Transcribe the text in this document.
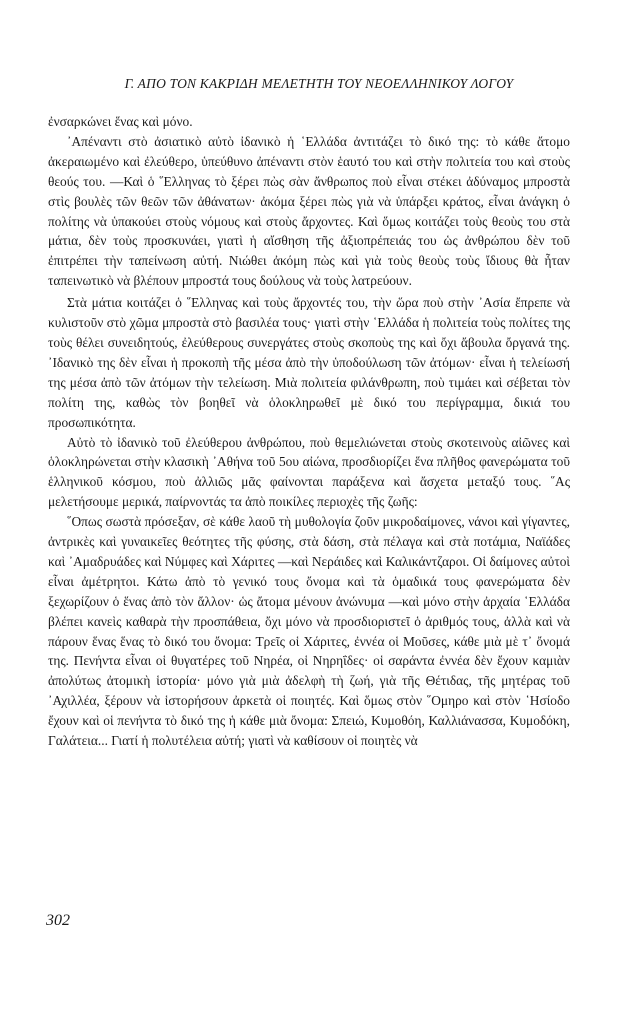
Γ. ΑΠΟ ΤΟΝ ΚΑΚΡΙΔΗ ΜΕΛΕΤΗΤΗ ΤΟΥ ΝΕΟΕΛΛΗΝΙΚΟΥ ΛΟΓΟΥ

ἐνσαρκώνει ἕνας καὶ μόνο.

᾿Απέναντι στὸ ἀσιατικὸ αὐτὸ ἰδανικὸ ἡ ῾Ελλάδα ἀντιτάζει τὸ δικό της: τὸ κάθε ἄτομο ἀκεραιωμένο καὶ ἐλεύθερο, ὑπεύθυνο ἀπέναντι στὸν ἑαυτό του καὶ στὴν πολιτεία του καὶ στοὺς θεούς του. —Καὶ ὁ ῞Ελληνας τὸ ξέρει πὼς σὰν ἄνθρωπος ποὺ εἶναι στέκει ἀδύναμος μπροστὰ στὶς βουλὲς τῶν θεῶν τῶν ἀθάνατων· ἀκόμα ξέρει πὼς γιὰ νὰ ὑπάρξει κράτος, εἶναι ἀνάγκη ὁ πολίτης νὰ ὑπακούει στοὺς νόμους καὶ στοὺς ἄρχοντες. Καὶ ὅμως κοιτάζει τοὺς θεοὺς του στὰ μάτια, δὲν τοὺς προσκυνάει, γιατὶ ἡ αἴσθηση τῆς ἀξιοπρέπειάς του ὡς ἀνθρώπου δὲν τοῦ ἐπιτρέπει τὴν ταπείνωση αὐτή. Νιώθει ἀκόμη πὼς καὶ γιὰ τοὺς θεοὺς τοὺς ἴδιους θὰ ἦταν ταπεινωτικὸ νὰ βλέπουν μπροστά τους δούλους νὰ τοὺς λατρεύουν.

Στὰ μάτια κοιτάζει ὁ ῞Ελληνας καὶ τοὺς ἄρχοντές του, τὴν ὥρα ποὺ στὴν ᾿Ασία ἔπρεπε νὰ κυλιστοῦν στὸ χῶμα μπροστὰ στὸ βασιλέα τους· γιατὶ στὴν ῾Ελλάδα ἡ πολιτεία τοὺς πολίτες της τοὺς θέλει συνειδητούς, ἐλεύθερους συνεργάτες στοὺς σκοποὺς της καὶ ὄχι ἄβουλα ὄργανά της. ᾿Ιδανικὸ της δὲν εἶναι ἡ προκοπὴ τῆς μέσα ἀπὸ τὴν ὑποδούλωση τῶν ἀτόμων· εἶναι ἡ τελείωσή της μέσα ἀπὸ τῶν ἀτόμων τὴν τελείωση. Μιὰ πολιτεία φιλάνθρωπη, ποὺ τιμάει καὶ σέβεται τὸν πολίτη της, καθὼς τὸν βοηθεῖ νὰ ὁλοκληρωθεῖ μὲ δικό του περίγραμμα, δικιά του προσωπικότητα.

Αὐτὸ τὸ ἰδανικὸ τοῦ ἐλεύθερου ἀνθρώπου, ποὺ θεμελιώνεται στοὺς σκοτεινοὺς αἰῶνες καὶ ὁλοκληρώνεται στὴν κλασικὴ ᾿Αθήνα τοῦ 5ου αἰώνα, προσδιορίζει ἕνα πλῆθος φανερώματα τοῦ ἑλληνικοῦ κόσμου, ποὺ ἀλλιῶς μᾶς φαίνονται παράξενα καὶ ἄσχετα μεταξύ τους. ῞Ας μελετήσουμε μερικά, παίρνοντάς τα ἀπὸ ποικίλες περιοχὲς τῆς ζωῆς:

῞Οπως σωστὰ πρόσεξαν, σὲ κάθε λαοῦ τὴ μυθολογία ζοῦν μικροδαίμονες, νάνοι καὶ γίγαντες, ἀντρικὲς καὶ γυναικεῖες θεότητες τῆς φύσης, στὰ δάση, στὰ πέλαγα καὶ στὰ ποτάμια, Ναϊάδες καὶ ᾿Αμαδρυάδες καὶ Νύμφες καὶ Χάριτες —καὶ Νεράιδες καὶ Καλικάντζαροι. Οἱ δαίμονες αὐτοὶ εἶναι ἀμέτρητοι. Κάτω ἀπὸ τὸ γενικό τους ὄνομα καὶ τὰ ὁμαδικά τους φανερώματα δὲν ξεχωρίζουν ὁ ἕνας ἀπὸ τὸν ἄλλον· ὡς ἄτομα μένουν ἀνώνυμα —καὶ μόνο στὴν ἀρχαία ῾Ελλάδα βλέπει κανεὶς καθαρὰ τὴν προσπάθεια, ὄχι μόνο νὰ προσδιοριστεῖ ὁ ἀριθμός τους, ἀλλὰ καὶ νὰ πάρουν ἕνας ἕνας τὸ δικό του ὄνομα: Τρεῖς οἱ Χάριτες, ἐννέα οἱ Μοῦσες, κάθε μιὰ μὲ τ᾿ ὄνομά της. Πενήντα εἶναι οἱ θυγατέρες τοῦ Νηρέα, οἱ Νηρηΐδες· οἱ σαράντα ἐννέα δὲν ἔχουν καμιὰν ἀπολύτως ἀτομικὴ ἱστορία· μόνο γιὰ μιὰ ἀδελφὴ τὴ ζωή, γιὰ τῆς Θέτιδας, τῆς μητέρας τοῦ ᾿Αχιλλέα, ξέρουν νὰ ἱστορήσουν ἀρκετὰ οἱ ποιητές. Καὶ ὅμως στὸν ῞Ομηρο καὶ στὸν ῾Ησίοδο ἔχουν καὶ οἱ πενήντα τὸ δικό της ἡ κάθε μιὰ ὄνομα: Σπειώ, Κυμοθόη, Καλλιάνασσα, Κυμοδόκη, Γαλάτεια... Γιατί ἡ πολυτέλεια αὐτή; γιατὶ νὰ καθίσουν οἱ ποιητὲς νὰ

302
